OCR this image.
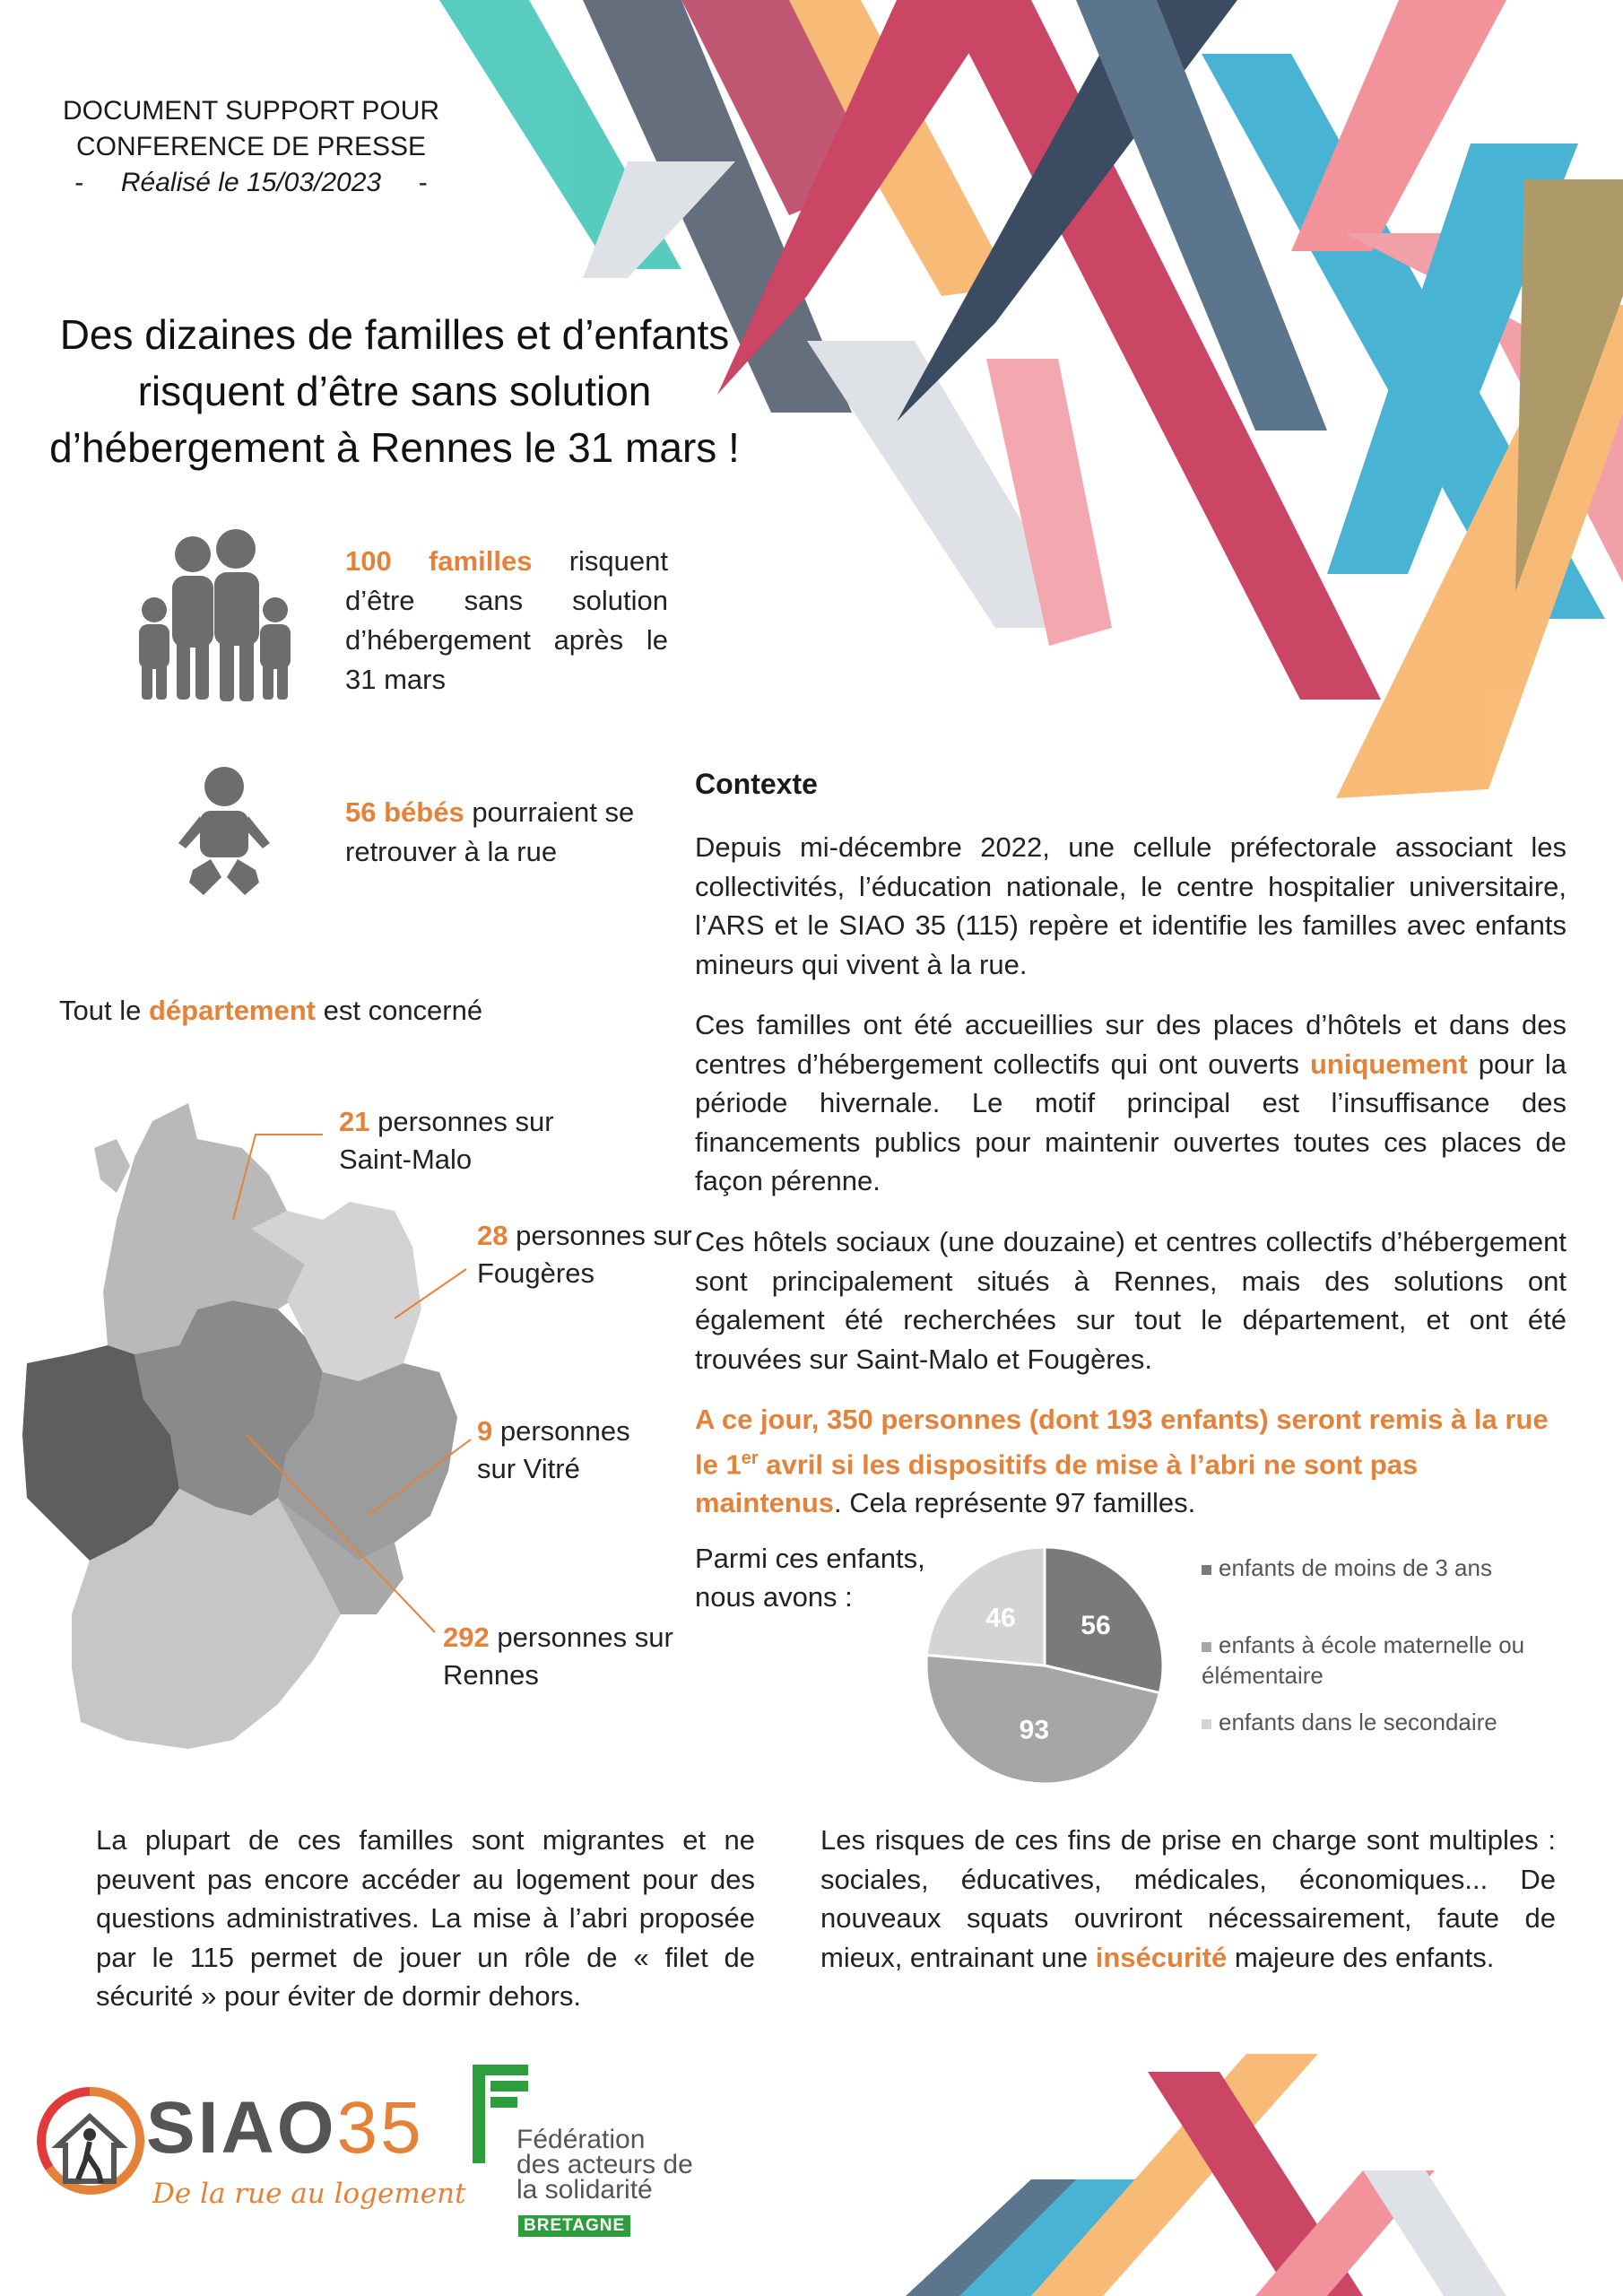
DOCUMENT SUPPORT POUR
CONFERENCE DE PRESSE
- Réalisé le 15/03/2023 -
Des dizaines de familles et d’enfants
risquent d’être sans solution
d’hébergement à Rennes le 31 mars !
100 familles risquent d’être sans solution d’hébergement après le 31 mars
56 bébés pourraient se retrouver à la rue
Tout le département est concerné
21 personnes sur Saint-Malo
28 personnes sur Fougères
9 personnes sur Vitré
292 personnes sur Rennes
Contexte
Depuis mi-décembre 2022, une cellule préfectorale associant les collectivités, l’éducation nationale, le centre hospitalier universitaire, l’ARS et le SIAO 35 (115) repère et identifie les familles avec enfants mineurs qui vivent à la rue.
Ces familles ont été accueillies sur des places d’hôtels et dans des centres d’hébergement collectifs qui ont ouverts uniquement pour la période hivernale. Le motif principal est l’insuffisance des financements publics pour maintenir ouvertes toutes ces places de façon pérenne.
Ces hôtels sociaux (une douzaine) et centres collectifs d’hébergement sont principalement situés à Rennes, mais des solutions ont également été recherchées sur tout le département, et ont été trouvées sur Saint-Malo et Fougères.
A ce jour, 350 personnes (dont 193 enfants) seront remis à la rue le 1er avril si les dispositifs de mise à l’abri ne sont pas maintenus. Cela représente 97 familles.
Parmi ces enfants, nous avons :
56
93
46
enfants de moins de 3 ans
enfants à école maternelle ou élémentaire
enfants dans le secondaire
La plupart de ces familles sont migrantes et ne peuvent pas encore accéder au logement pour des questions administratives. La mise à l’abri proposée par le 115 permet de jouer un rôle de « filet de sécurité » pour éviter de dormir dehors.
Les risques de ces fins de prise en charge sont multiples : sociales, éducatives, médicales, économiques... De nouveaux squats ouvriront nécessairement, faute de mieux, entrainant une insécurité majeure des enfants.
SIAO35
De la rue au logement
Fédération
des acteurs de
la solidarité
BRETAGNE
